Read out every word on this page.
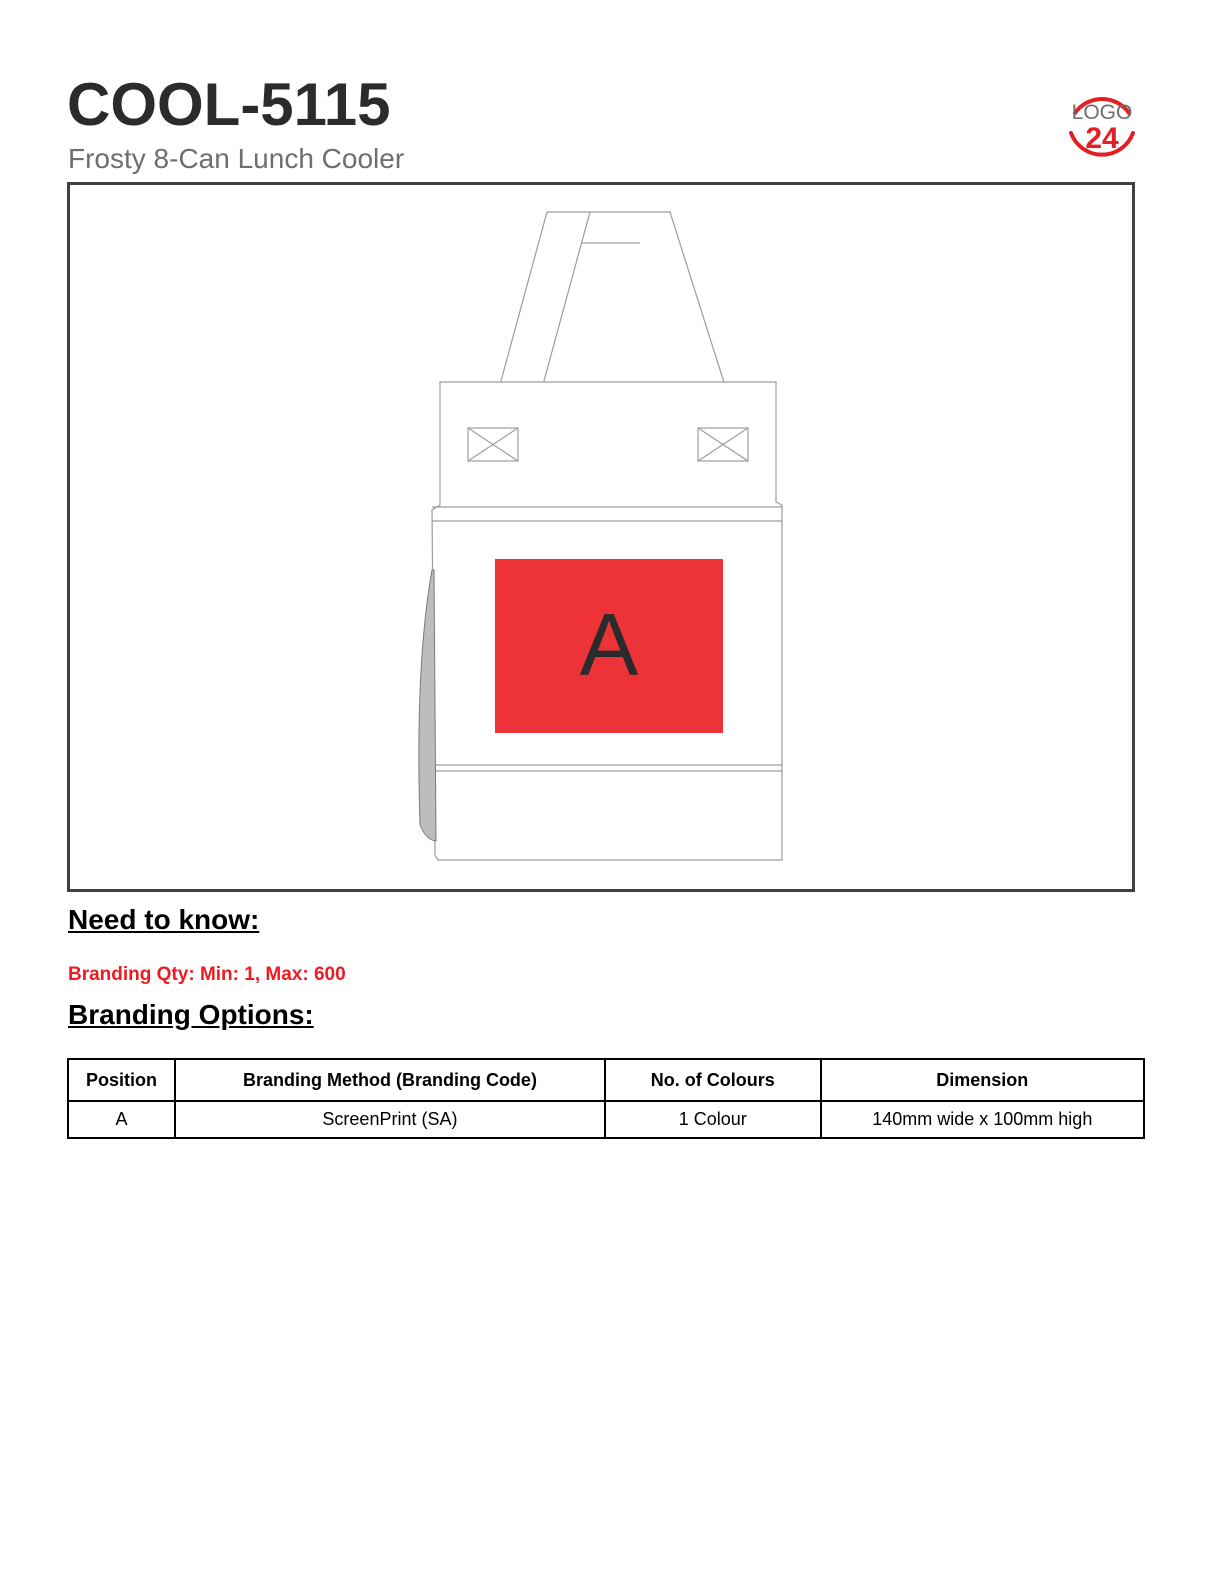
COOL-5115
Frosty 8-Can Lunch Cooler
LOGO
24
A
Need to know:
Branding Qty: Min: 1, Max: 600
Branding Options:
Position	Branding Method (Branding Code)	No. of Colours	Dimension
A	ScreenPrint (SA)	1 Colour	140mm wide x 100mm high
